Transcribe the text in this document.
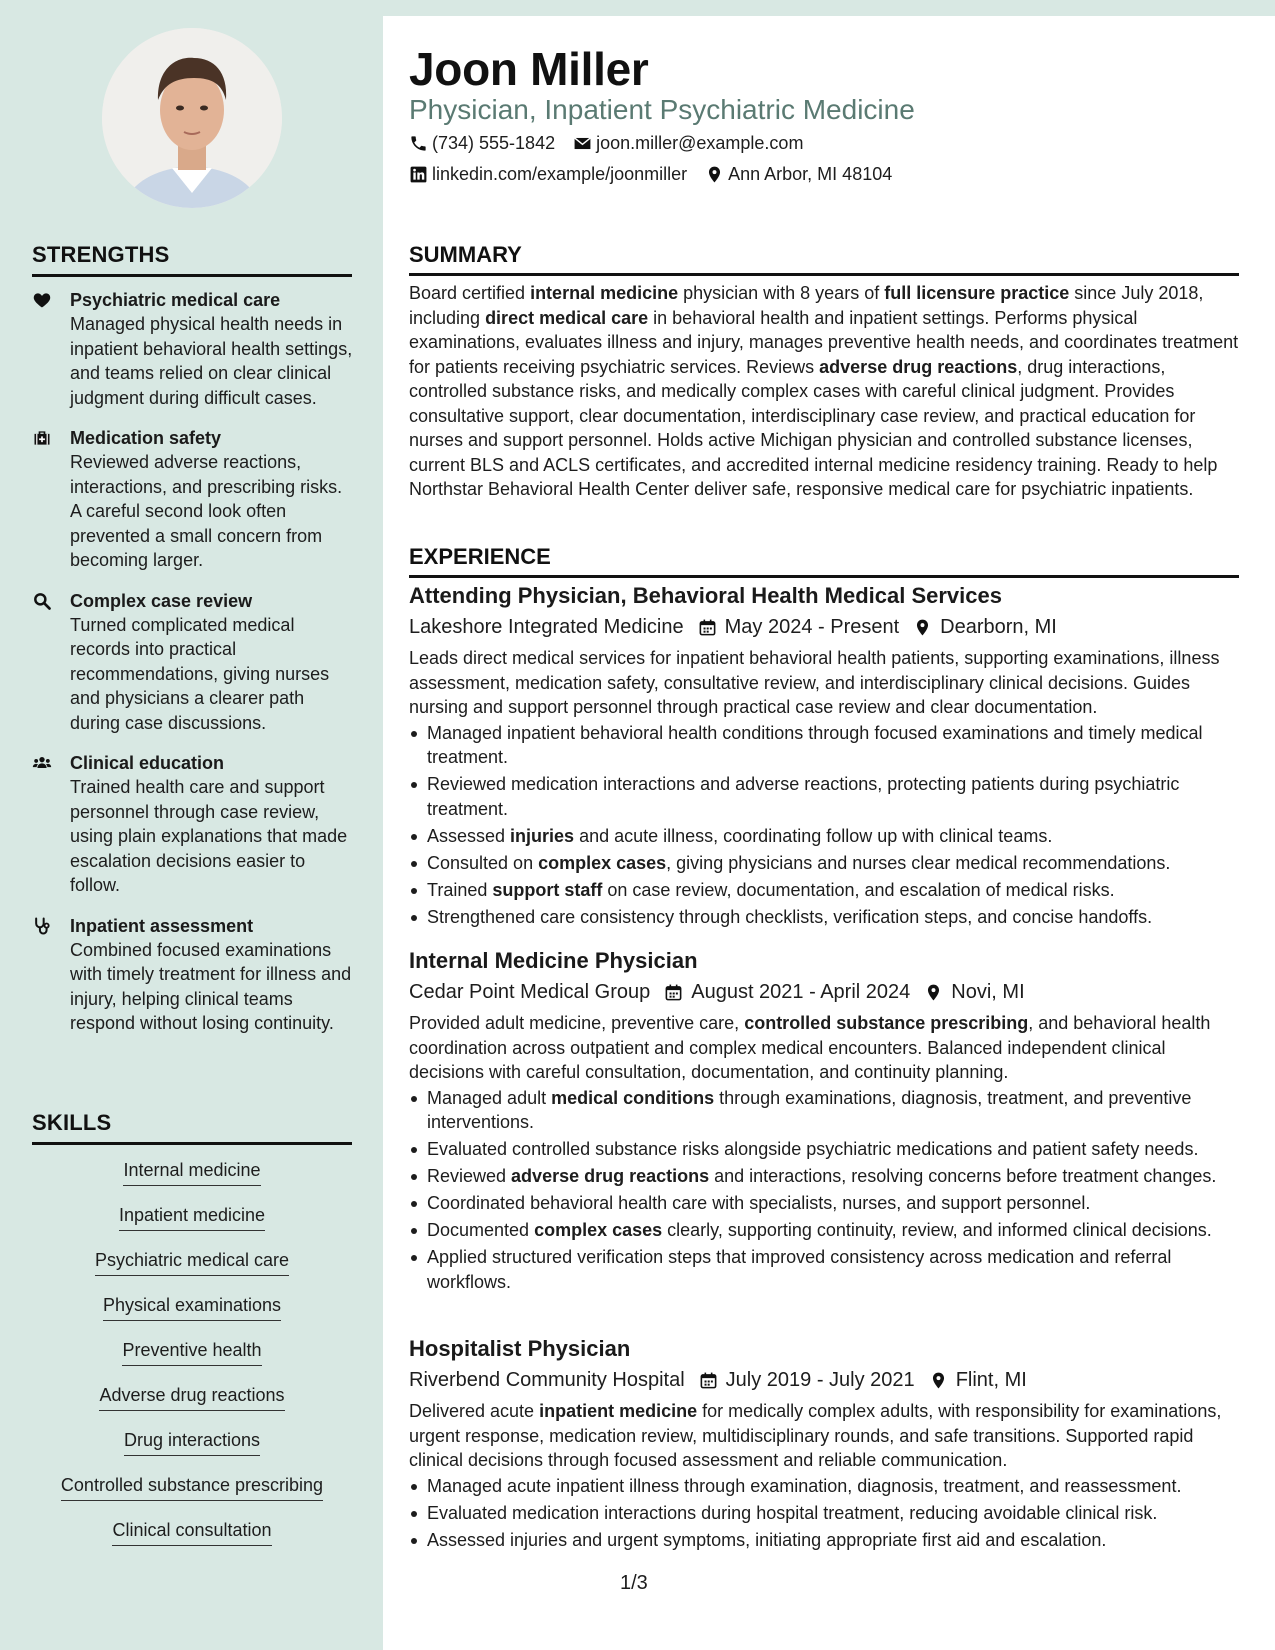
Joon Miller
Physician, Inpatient Psychiatric Medicine
(734) 555-1842 joon.miller@example.com
linkedin.com/example/joonmiller Ann Arbor, MI 48104
STRENGTHS
Psychiatric medical care
Managed physical health needs in inpatient behavioral health settings, and teams relied on clear clinical judgment during difficult cases.
Medication safety
Reviewed adverse reactions, interactions, and prescribing risks. A careful second look often prevented a small concern from becoming larger.
Complex case review
Turned complicated medical records into practical recommendations, giving nurses and physicians a clearer path during case discussions.
Clinical education
Trained health care and support personnel through case review, using plain explanations that made escalation decisions easier to follow.
Inpatient assessment
Combined focused examinations with timely treatment for illness and injury, helping clinical teams respond without losing continuity.
SKILLS
Internal medicine
Inpatient medicine
Psychiatric medical care
Physical examinations
Preventive health
Adverse drug reactions
Drug interactions
Controlled substance prescribing
Clinical consultation
SUMMARY
Board certified internal medicine physician with 8 years of full licensure practice since July 2018, including direct medical care in behavioral health and inpatient settings. Performs physical examinations, evaluates illness and injury, manages preventive health needs, and coordinates treatment for patients receiving psychiatric services. Reviews adverse drug reactions, drug interactions, controlled substance risks, and medically complex cases with careful clinical judgment. Provides consultative support, clear documentation, interdisciplinary case review, and practical education for nurses and support personnel. Holds active Michigan physician and controlled substance licenses, current BLS and ACLS certificates, and accredited internal medicine residency training. Ready to help Northstar Behavioral Health Center deliver safe, responsive medical care for psychiatric inpatients.
EXPERIENCE
Attending Physician, Behavioral Health Medical Services
Lakeshore Integrated Medicine	May 2024 - Present	Dearborn, MI
Leads direct medical services for inpatient behavioral health patients, supporting examinations, illness assessment, medication safety, consultative review, and interdisciplinary clinical decisions. Guides nursing and support personnel through practical case review and clear documentation.
Managed inpatient behavioral health conditions through focused examinations and timely medical treatment.
Reviewed medication interactions and adverse reactions, protecting patients during psychiatric treatment.
Assessed injuries and acute illness, coordinating follow up with clinical teams.
Consulted on complex cases, giving physicians and nurses clear medical recommendations.
Trained support staff on case review, documentation, and escalation of medical risks.
Strengthened care consistency through checklists, verification steps, and concise handoffs.
Internal Medicine Physician
Cedar Point Medical Group	August 2021 - April 2024	Novi, MI
Provided adult medicine, preventive care, controlled substance prescribing, and behavioral health coordination across outpatient and complex medical encounters. Balanced independent clinical decisions with careful consultation, documentation, and continuity planning.
Managed adult medical conditions through examinations, diagnosis, treatment, and preventive interventions.
Evaluated controlled substance risks alongside psychiatric medications and patient safety needs.
Reviewed adverse drug reactions and interactions, resolving concerns before treatment changes.
Coordinated behavioral health care with specialists, nurses, and support personnel.
Documented complex cases clearly, supporting continuity, review, and informed clinical decisions.
Applied structured verification steps that improved consistency across medication and referral workflows.
Hospitalist Physician
Riverbend Community Hospital	July 2019 - July 2021	Flint, MI
Delivered acute inpatient medicine for medically complex adults, with responsibility for examinations, urgent response, medication review, multidisciplinary rounds, and safe transitions. Supported rapid clinical decisions through focused assessment and reliable communication.
Managed acute inpatient illness through examination, diagnosis, treatment, and reassessment.
Evaluated medication interactions during hospital treatment, reducing avoidable clinical risk.
Assessed injuries and urgent symptoms, initiating appropriate first aid and escalation.
1/3
